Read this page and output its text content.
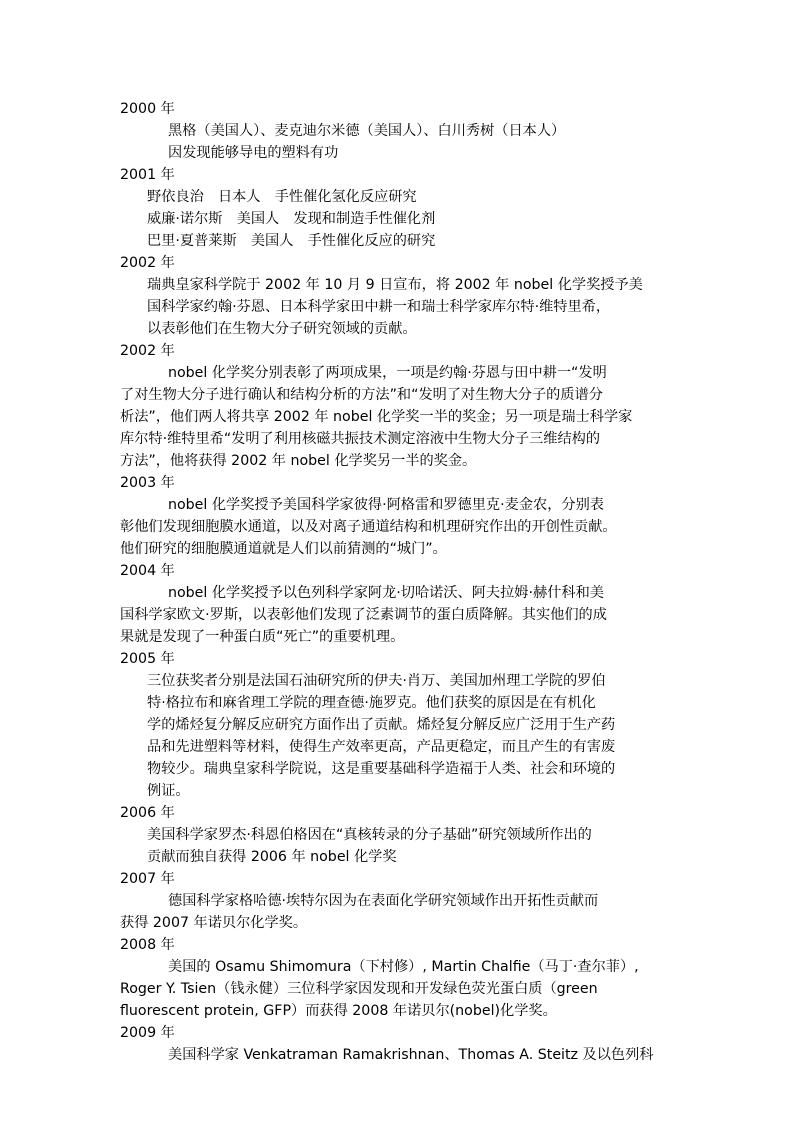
2000 年
黑格（美国人）、麦克迪尔米德（美国人）、白川秀树（日本人）
因发现能够导电的塑料有功
2001 年
野依良治　日本人　手性催化氢化反应研究
威廉·诺尔斯　美国人　发现和制造手性催化剂
巴里·夏普莱斯　美国人　手性催化反应的研究
2002 年
瑞典皇家科学院于 2002 年 10 月 9 日宣布，将 2002 年 nobel 化学奖授予美
国科学家约翰·芬恩、日本科学家田中耕一和瑞士科学家库尔特·维特里希，
以表彰他们在生物大分子研究领域的贡献。
2002 年
nobel 化学奖分别表彰了两项成果，一项是约翰·芬恩与田中耕一“发明
了对生物大分子进行确认和结构分析的方法”和“发明了对生物大分子的质谱分
析法”，他们两人将共享 2002 年 nobel 化学奖一半的奖金；另一项是瑞士科学家
库尔特·维特里希“发明了利用核磁共振技术测定溶液中生物大分子三维结构的
方法”，他将获得 2002 年 nobel 化学奖另一半的奖金。
2003 年
nobel 化学奖授予美国科学家彼得·阿格雷和罗德里克·麦金农，分别表
彰他们发现细胞膜水通道，以及对离子通道结构和机理研究作出的开创性贡献。
他们研究的细胞膜通道就是人们以前猜测的“城门”。
2004 年
nobel 化学奖授予以色列科学家阿龙·切哈诺沃、阿夫拉姆·赫什科和美
国科学家欧文·罗斯，以表彰他们发现了泛素调节的蛋白质降解。其实他们的成
果就是发现了一种蛋白质“死亡”的重要机理。
2005 年
三位获奖者分别是法国石油研究所的伊夫·肖万、美国加州理工学院的罗伯
特·格拉布和麻省理工学院的理查德·施罗克。他们获奖的原因是在有机化
学的烯烃复分解反应研究方面作出了贡献。烯烃复分解反应广泛用于生产药
品和先进塑料等材料，使得生产效率更高，产品更稳定，而且产生的有害废
物较少。瑞典皇家科学院说，这是重要基础科学造福于人类、社会和环境的
例证。
2006 年
美国科学家罗杰·科恩伯格因在“真核转录的分子基础”研究领域所作出的
贡献而独自获得 2006 年 nobel 化学奖
2007 年
德国科学家格哈德·埃特尔因为在表面化学研究领域作出开拓性贡献而
获得 2007 年诺贝尔化学奖。
2008 年
美国的 Osamu Shimomura（下村修）, Martin Chalfie（马丁·查尔菲）,
Roger Y. Tsien（钱永健）三位科学家因发现和开发绿色荧光蛋白质（green
fluorescent protein, GFP）而获得 2008 年诺贝尔(nobel)化学奖。
2009 年
美国科学家 Venkatraman Ramakrishnan、Thomas A. Steitz 及以色列科
